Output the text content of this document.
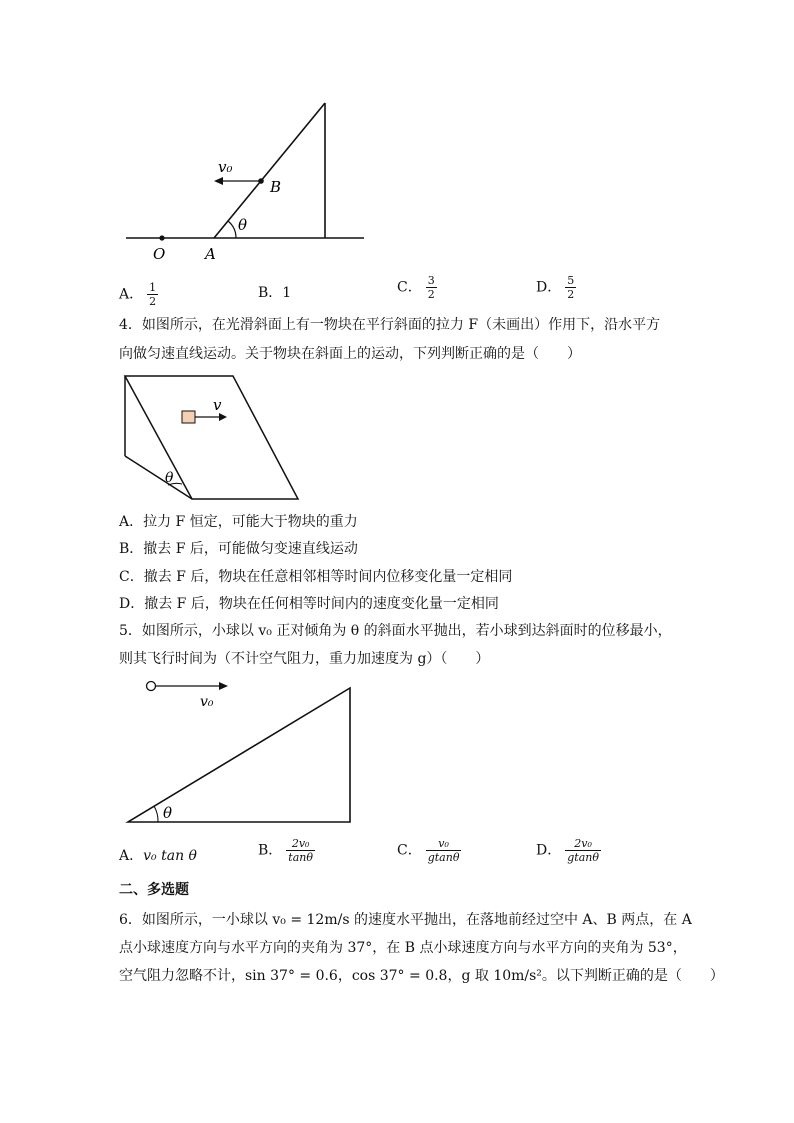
v₀
B
θ
O	A
A． $\frac{1}{2}$	B．1	C． $\frac{3}{2}$	D． $\frac{5}{2}$
4．如图所示，在光滑斜面上有一物块在平行斜面的拉力 F（未画出）作用下，沿水平方
向做匀速直线运动。关于物块在斜面上的运动，下列判断正确的是（　　）
v
θ
A．拉力 F 恒定，可能大于物块的重力
B．撤去 F 后，可能做匀变速直线运动
C．撤去 F 后，物块在任意相邻相等时间内位移变化量一定相同
D．撤去 F 后，物块在任何相等时间内的速度变化量一定相同
5．如图所示，小球以 v₀ 正对倾角为 θ 的斜面水平抛出，若小球到达斜面时的位移最小，
则其飞行时间为（不计空气阻力，重力加速度为 g）（　　）
v₀
θ
A．v₀ tan θ	B． $\frac{\text{2v₀}}{\tan\theta}$	C． $\frac{\text{v₀}}{gtan\theta}$	D． $\frac{\text{2v₀}}{gtan\theta}$
二、多选题
6．如图所示，一小球以 v₀ = 12m/s 的速度水平抛出，在落地前经过空中 A、B 两点，在 A
点小球速度方向与水平方向的夹角为 37°，在 B 点小球速度方向与水平方向的夹角为 53°，
空气阻力忽略不计，sin 37° = 0.6，cos 37° = 0.8，g 取 10m/s²。以下判断正确的是（　　）
